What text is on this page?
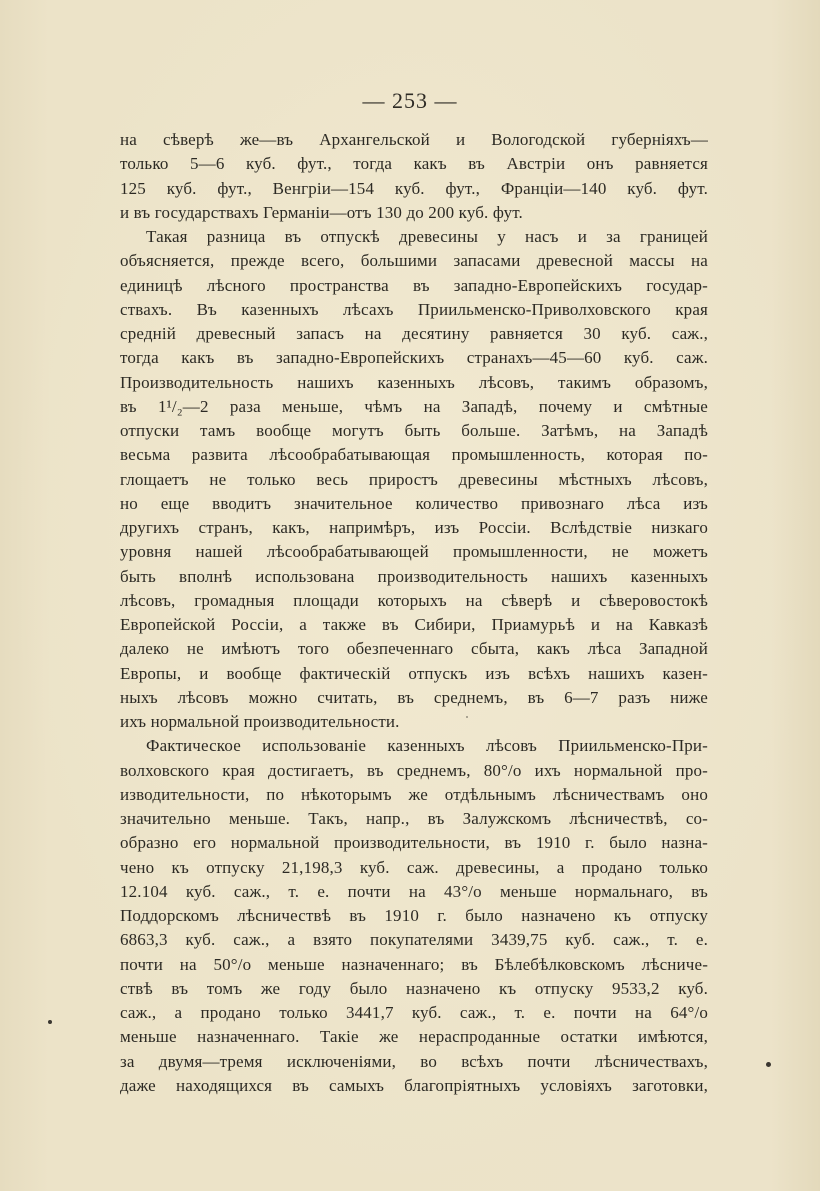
— 253 —
на сѣверѣ же—въ Архангельской и Вологодской губерніяхъ—
только 5—6 куб. фут., тогда какъ въ Австріи онъ равняется
125 куб. фут., Венгріи—154 куб. фут., Франціи—140 куб. фут.
и въ государствахъ Германіи—отъ 130 до 200 куб. фут.
Такая разница въ отпускѣ древесины у насъ и за границей
объясняется, прежде всего, большими запасами древесной массы на
единицѣ лѣсного пространства въ западно-Европейскихъ государ-
ствахъ. Въ казенныхъ лѣсахъ Приильменско-Приволховского края
средній древесный запасъ на десятину равняется 30 куб. саж.,
тогда какъ въ западно-Европейскихъ странахъ—45—60 куб. саж.
Производительность нашихъ казенныхъ лѣсовъ, такимъ образомъ,
въ 1¹/₂—2 раза меньше, чѣмъ на Западѣ, почему и смѣтные
отпуски тамъ вообще могутъ быть больше. Затѣмъ, на Западѣ
весьма развита лѣсообрабатывающая промышленность, которая по-
глощаетъ не только весь приростъ древесины мѣстныхъ лѣсовъ,
но еще вводитъ значительное количество привознаго лѣса изъ
другихъ странъ, какъ, напримѣръ, изъ Россіи. Вслѣдствіе низкаго
уровня нашей лѣсообрабатывающей промышленности, не можетъ
быть вполнѣ использована производительность нашихъ казенныхъ
лѣсовъ, громадныя площади которыхъ на сѣверѣ и сѣверовостокѣ
Европейской Россіи, а также въ Сибири, Приамурьѣ и на Кавказѣ
далеко не имѣютъ того обезпеченнаго сбыта, какъ лѣса Западной
Европы, и вообще фактическій отпускъ изъ всѣхъ нашихъ казен-
ныхъ лѣсовъ можно считать, въ среднемъ, въ 6—7 разъ ниже
ихъ нормальной производительности.
Фактическое использованіе казенныхъ лѣсовъ Приильменско-При-
волховского края достигаетъ, въ среднемъ, 80°/о ихъ нормальной про-
изводительности, по нѣкоторымъ же отдѣльнымъ лѣсничествамъ оно
значительно меньше. Такъ, напр., въ Залужскомъ лѣсничествѣ, со-
образно его нормальной производительности, въ 1910 г. было назна-
чено къ отпуску 21,198,3 куб. саж. древесины, а продано только
12.104 куб. саж., т. е. почти на 43°/о меньше нормальнаго, въ
Поддорскомъ лѣсничествѣ въ 1910 г. было назначено къ отпуску
6863,3 куб. саж., а взято покупателями 3439,75 куб. саж., т. е.
почти на 50°/о меньше назначеннаго; въ Бѣлебѣлковскомъ лѣсниче-
ствѣ въ томъ же году было назначено къ отпуску 9533,2 куб.
саж., а продано только 3441,7 куб. саж., т. е. почти на 64°/о
меньше назначеннаго. Такіе же нераспроданные остатки имѣются,
за двумя—тремя исключеніями, во всѣхъ почти лѣсничествахъ,
даже находящихся въ самыхъ благопріятныхъ условіяхъ заготовки,
